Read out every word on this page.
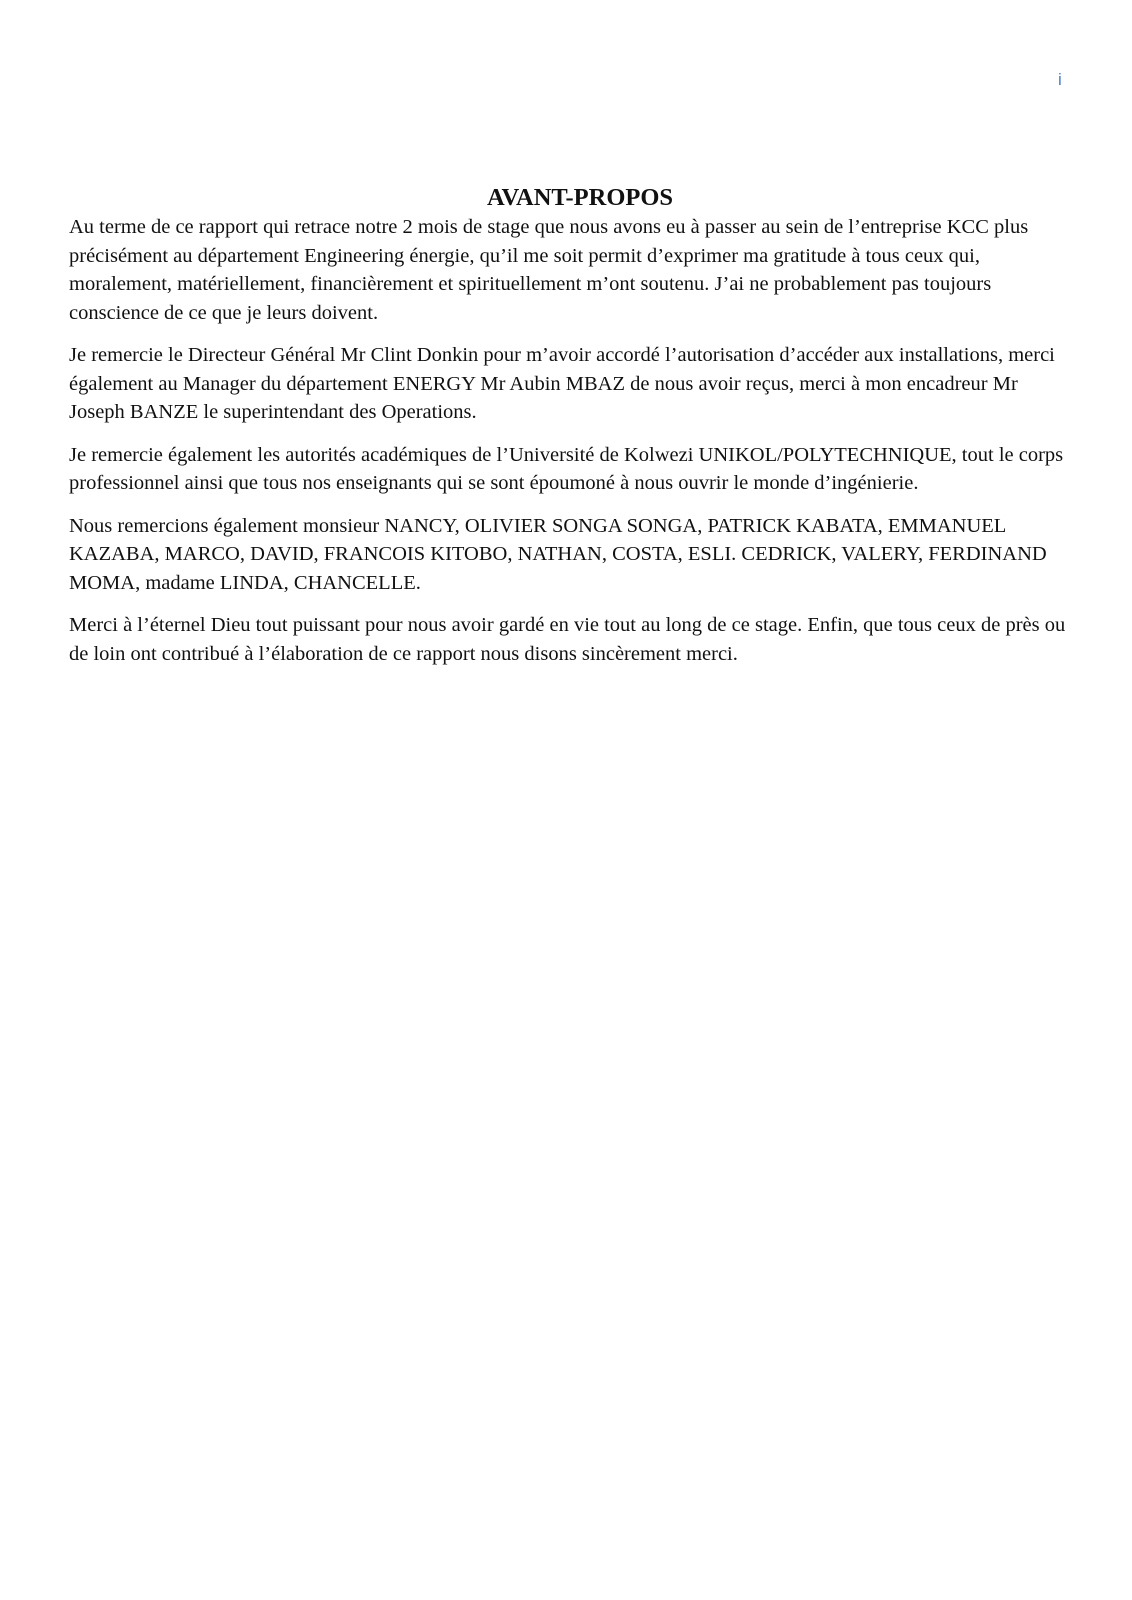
i
AVANT-PROPOS

Au terme de ce rapport qui retrace notre 2 mois de stage que nous avons eu à passer au sein de l’entreprise KCC plus précisément au département Engineering énergie, qu’il me soit permit d’exprimer ma gratitude à tous ceux qui, moralement, matériellement, financièrement et spirituellement m’ont soutenu. J’ai ne probablement pas toujours conscience de ce que je leurs doivent.

Je remercie le Directeur Général Mr Clint Donkin pour m’avoir accordé l’autorisation d’accéder aux installations, merci également au Manager du département ENERGY Mr Aubin MBAZ de nous avoir reçus, merci à mon encadreur Mr Joseph BANZE le superintendant des Operations.

Je remercie également les autorités académiques de l’Université de Kolwezi UNIKOL/POLYTECHNIQUE, tout le corps professionnel ainsi que tous nos enseignants qui se sont époumoné à nous ouvrir le monde d’ingénierie.

Nous remercions également monsieur NANCY, OLIVIER SONGA SONGA, PATRICK KABATA, EMMANUEL KAZABA, MARCO, DAVID, FRANCOIS KITOBO, NATHAN, COSTA, ESLI. CEDRICK, VALERY, FERDINAND MOMA, madame LINDA, CHANCELLE.

Merci à l’éternel Dieu tout puissant pour nous avoir gardé en vie tout au long de ce stage. Enfin, que tous ceux de près ou de loin ont contribué à l’élaboration de ce rapport nous disons sincèrement merci.
